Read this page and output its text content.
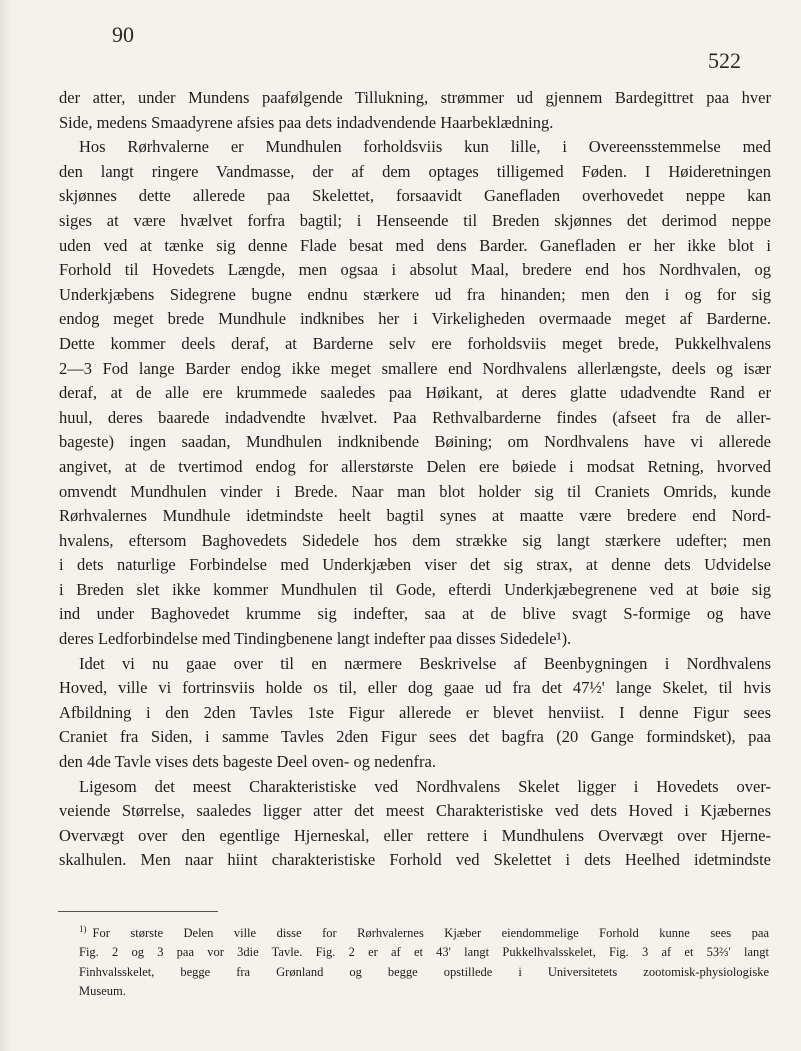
90
522
der atter, under Mundens paafølgende Tillukning, strømmer ud gjennem Bardegittret paa hver
Side, medens Smaadyrene afsies paa dets indadvendende Haarbeklædning.
Hos Rørhvalerne er Mundhulen forholdsviis kun lille, i Overeensstemmelse med
den langt ringere Vandmasse, der af dem optages tilligemed Føden. I Høideretningen
skjønnes dette allerede paa Skelettet, forsaavidt Ganefladen overhovedet neppe kan
siges at være hvælvet forfra bagtil; i Henseende til Breden skjønnes det derimod neppe
uden ved at tænke sig denne Flade besat med dens Barder. Ganefladen er her ikke blot i
Forhold til Hovedets Længde, men ogsaa i absolut Maal, bredere end hos Nordhvalen, og
Underkjæbens Sidegrene bugne endnu stærkere ud fra hinanden; men den i og for sig
endog meget brede Mundhule indknibes her i Virkeligheden overmaade meget af Barderne.
Dette kommer deels deraf, at Barderne selv ere forholdsviis meget brede, Pukkelhvalens
2—3 Fod lange Barder endog ikke meget smallere end Nordhvalens allerlængste, deels og især
deraf, at de alle ere krummede saaledes paa Høikant, at deres glatte udadvendte Rand er
huul, deres baarede indadvendte hvælvet. Paa Rethvalbarderne findes (afseet fra de aller-
bageste) ingen saadan, Mundhulen indknibende Bøining; om Nordhvalens have vi allerede
angivet, at de tvertimod endog for allerstørste Delen ere bøiede i modsat Retning, hvorved
omvendt Mundhulen vinder i Brede. Naar man blot holder sig til Craniets Omrids, kunde
Rørhvalernes Mundhule idetmindste heelt bagtil synes at maatte være bredere end Nord-
hvalens, eftersom Baghovedets Sidedele hos dem strække sig langt stærkere udefter; men
i dets naturlige Forbindelse med Underkjæben viser det sig strax, at denne dets Udvidelse
i Breden slet ikke kommer Mundhulen til Gode, efterdi Underkjæbegrenene ved at bøie sig
ind under Baghovedet krumme sig indefter, saa at de blive svagt S-formige og have
deres Ledforbindelse med Tindingbenene langt indefter paa disses Sidedele¹).
Idet vi nu gaae over til en nærmere Beskrivelse af Beenbygningen i Nordhvalens
Hoved, ville vi fortrinsviis holde os til, eller dog gaae ud fra det 47½' lange Skelet, til hvis
Afbildning i den 2den Tavles 1ste Figur allerede er blevet henviist. I denne Figur sees
Craniet fra Siden, i samme Tavles 2den Figur sees det bagfra (20 Gange formindsket), paa
den 4de Tavle vises dets bageste Deel oven- og nedenfra.
Ligesom det meest Charakteristiske ved Nordhvalens Skelet ligger i Hovedets over-
veiende Størrelse, saaledes ligger atter det meest Charakteristiske ved dets Hoved i Kjæbernes
Overvægt over den egentlige Hjerneskal, eller rettere i Mundhulens Overvægt over Hjerne-
skalhulen. Men naar hiint charakteristiske Forhold ved Skelettet i dets Heelhed idetmindste
$^{1)}$ For største Delen ville disse for Rørhvalernes Kjæber eiendommelige Forhold kunne sees paa
Fig. 2 og 3 paa vor 3die Tavle. Fig. 2 er af et 43' langt Pukkelhvalsskelet, Fig. 3 af et 53⅔' langt
Finhvalsskelet, begge fra Grønland og begge opstillede i Universitetets zootomisk-physiologiske
Museum.
